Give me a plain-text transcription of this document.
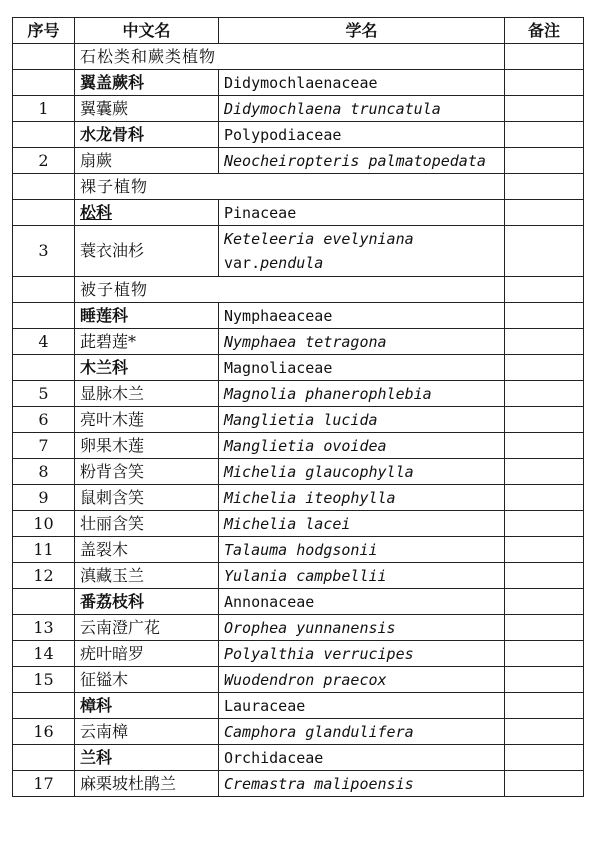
序号	中文名	学名	备注
	石松类和蕨类植物		
	翼盖蕨科	Didymochlaenaceae	
1	翼囊蕨	Didymochlaena truncatula	
	水龙骨科	Polypodiaceae	
2	扇蕨	Neocheiropteris palmatopedata	
	裸子植物		
	松科	Pinaceae	
3	蓑衣油杉	Keteleeria evelyniana
var.pendula	
	被子植物		
	睡莲科	Nymphaeaceae	
4	茈碧莲*	Nymphaea tetragona	
	木兰科	Magnoliaceae	
5	显脉木兰	Magnolia phanerophlebia	
6	亮叶木莲	Manglietia lucida	
7	卵果木莲	Manglietia ovoidea	
8	粉背含笑	Michelia glaucophylla	
9	鼠刺含笑	Michelia iteophylla	
10	壮丽含笑	Michelia lacei	
11	盖裂木	Talauma hodgsonii	
12	滇藏玉兰	Yulania campbellii	
	番荔枝科	Annonaceae	
13	云南澄广花	Orophea yunnanensis	
14	疣叶暗罗	Polyalthia verrucipes	
15	征镒木	Wuodendron praecox	
	樟科	Lauraceae	
16	云南樟	Camphora glandulifera	
	兰科	Orchidaceae	
17	麻栗坡杜鹃兰	Cremastra malipoensis	
